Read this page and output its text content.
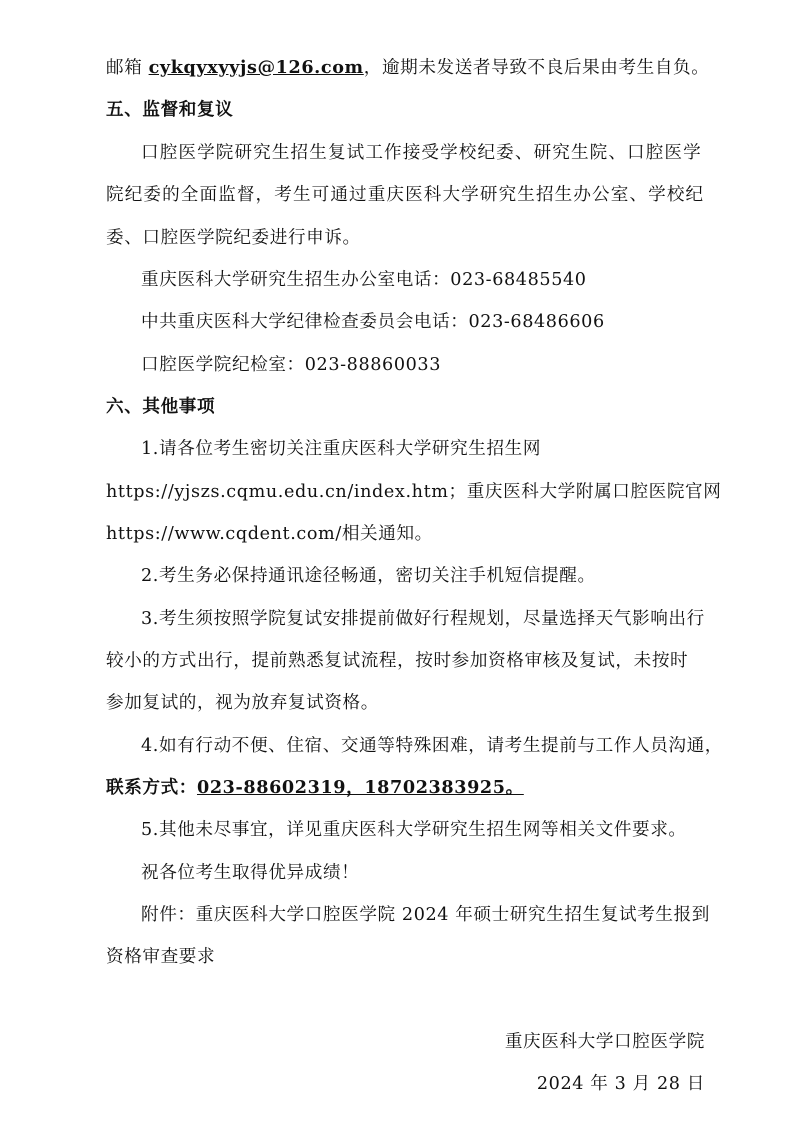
邮箱 cykqyxyyjs@126.com，逾期未发送者导致不良后果由考生自负。
五、监督和复议
口腔医学院研究生招生复试工作接受学校纪委、研究生院、口腔医学
院纪委的全面监督，考生可通过重庆医科大学研究生招生办公室、学校纪
委、口腔医学院纪委进行申诉。
重庆医科大学研究生招生办公室电话：023-68485540
中共重庆医科大学纪律检查委员会电话：023-68486606
口腔医学院纪检室：023-88860033
六、其他事项
1.请各位考生密切关注重庆医科大学研究生招生网
https://yjszs.cqmu.edu.cn/index.htm；重庆医科大学附属口腔医院官网
https://www.cqdent.com/相关通知。
2.考生务必保持通讯途径畅通，密切关注手机短信提醒。
3.考生须按照学院复试安排提前做好行程规划，尽量选择天气影响出行
较小的方式出行，提前熟悉复试流程，按时参加资格审核及复试，未按时
参加复试的，视为放弃复试资格。
4.如有行动不便、住宿、交通等特殊困难，请考生提前与工作人员沟通，
联系方式：023-88602319，18702383925。
5.其他未尽事宜，详见重庆医科大学研究生招生网等相关文件要求。
祝各位考生取得优异成绩！
附件：重庆医科大学口腔医学院 2024 年硕士研究生招生复试考生报到
资格审查要求
重庆医科大学口腔医学院
2024 年 3 月 28 日
